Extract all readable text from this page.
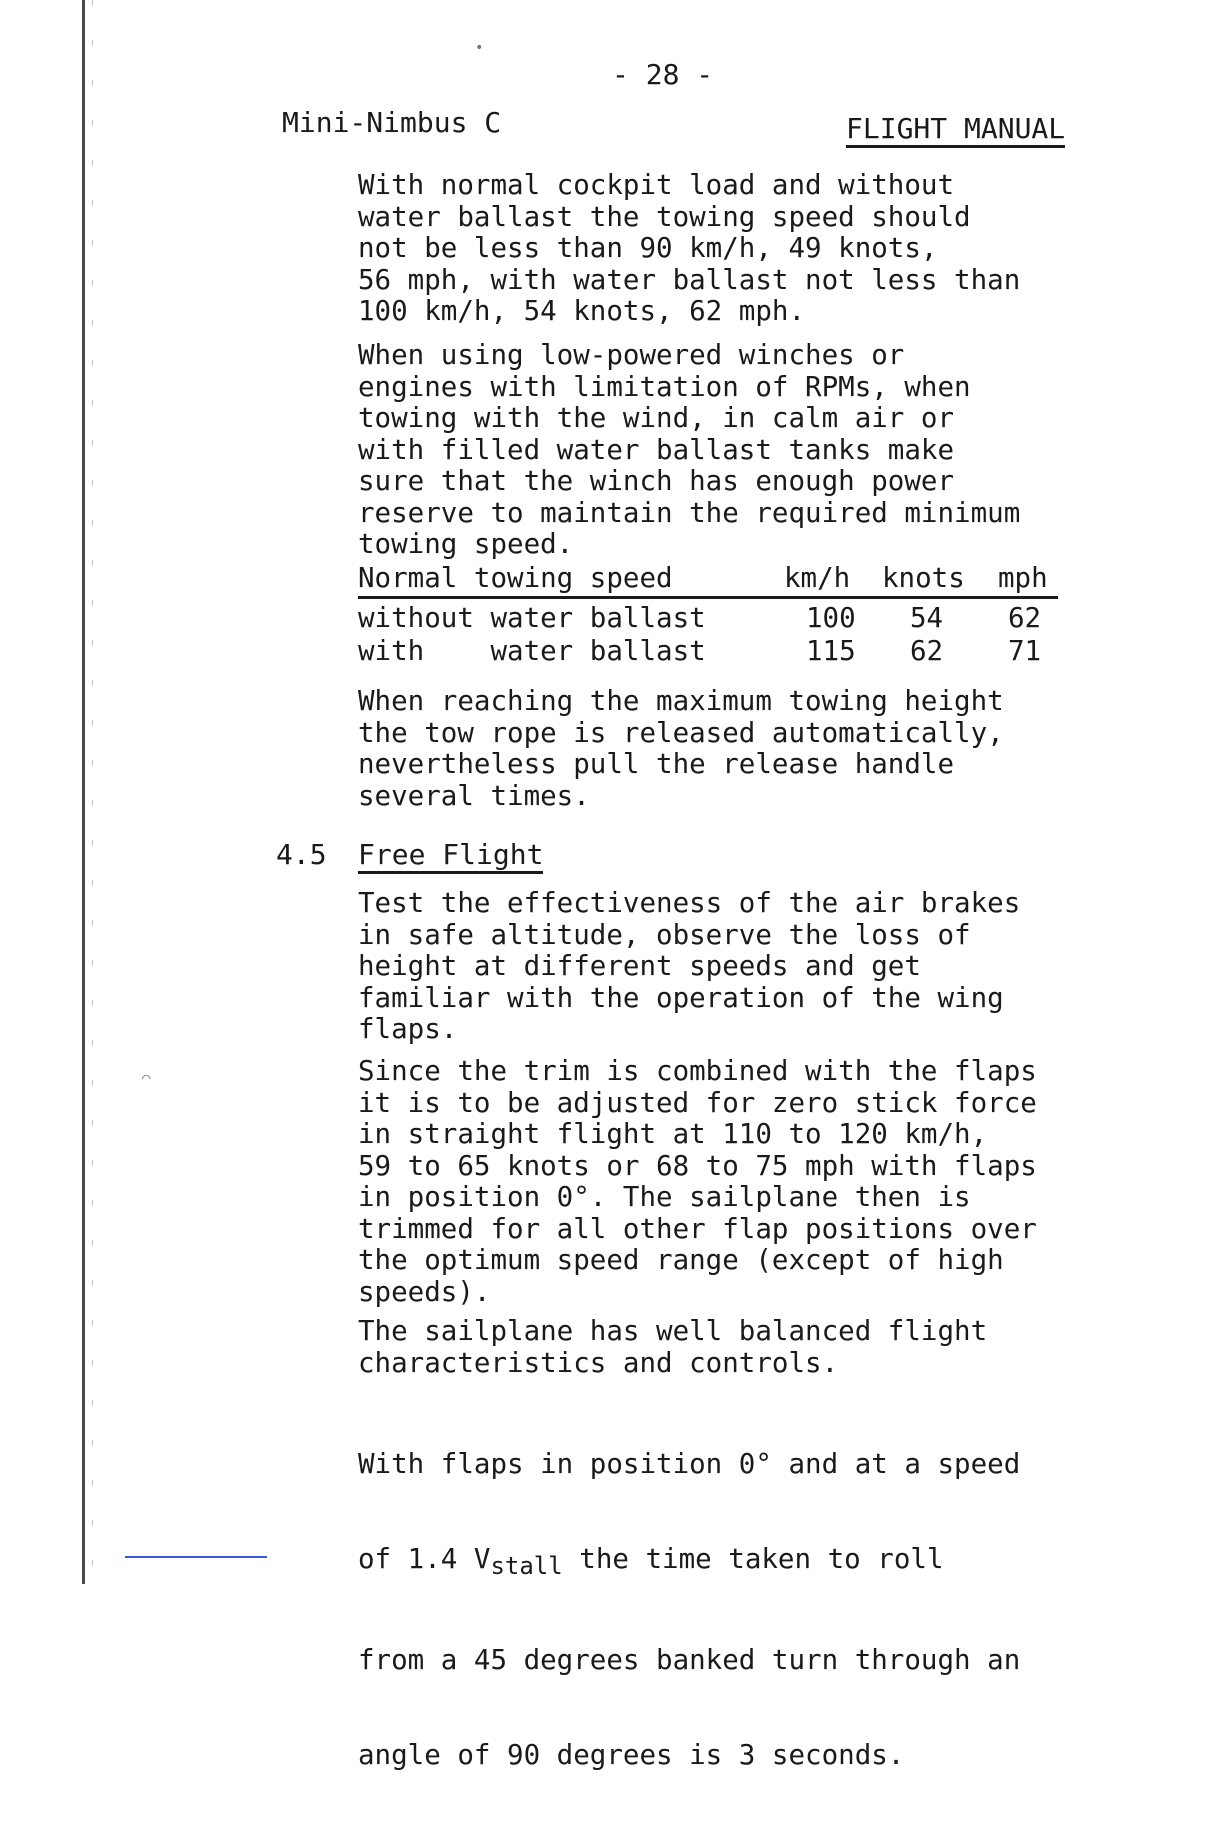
•
⌒
- 28 -
Mini-Nimbus C	FLIGHT MANUAL
With normal cockpit load and without
water ballast the towing speed should
not be less than 90 km/h, 49 knots,
56 mph, with water ballast not less than
100 km/h, 54 knots, 62 mph.
When using low-powered winches or
engines with limitation of RPMs, when
towing with the wind, in calm air or
with filled water ballast tanks make
sure that the winch has enough power
reserve to maintain the required minimum
towing speed.
Normal towing speed	km/h knots mph
without water ballast	100 54 62
with    water ballast	115 62 71
When reaching the maximum towing height
the tow rope is released automatically,
nevertheless pull the release handle
several times.
4.5 Free Flight
Test the effectiveness of the air brakes
in safe altitude, observe the loss of
height at different speeds and get
familiar with the operation of the wing
flaps.
Since the trim is combined with the flaps
it is to be adjusted for zero stick force
in straight flight at 110 to 120 km/h,
59 to 65 knots or 68 to 75 mph with flaps
in position 0°. The sailplane then is
trimmed for all other flap positions over
the optimum speed range (except of high
speeds).
The sailplane has well balanced flight
characteristics and controls.

With flaps in position 0° and at a speed

of 1.4 $V_{stall}$ the time taken to roll

from a 45 degrees banked turn through an

angle of 90 degrees is 3 seconds.
